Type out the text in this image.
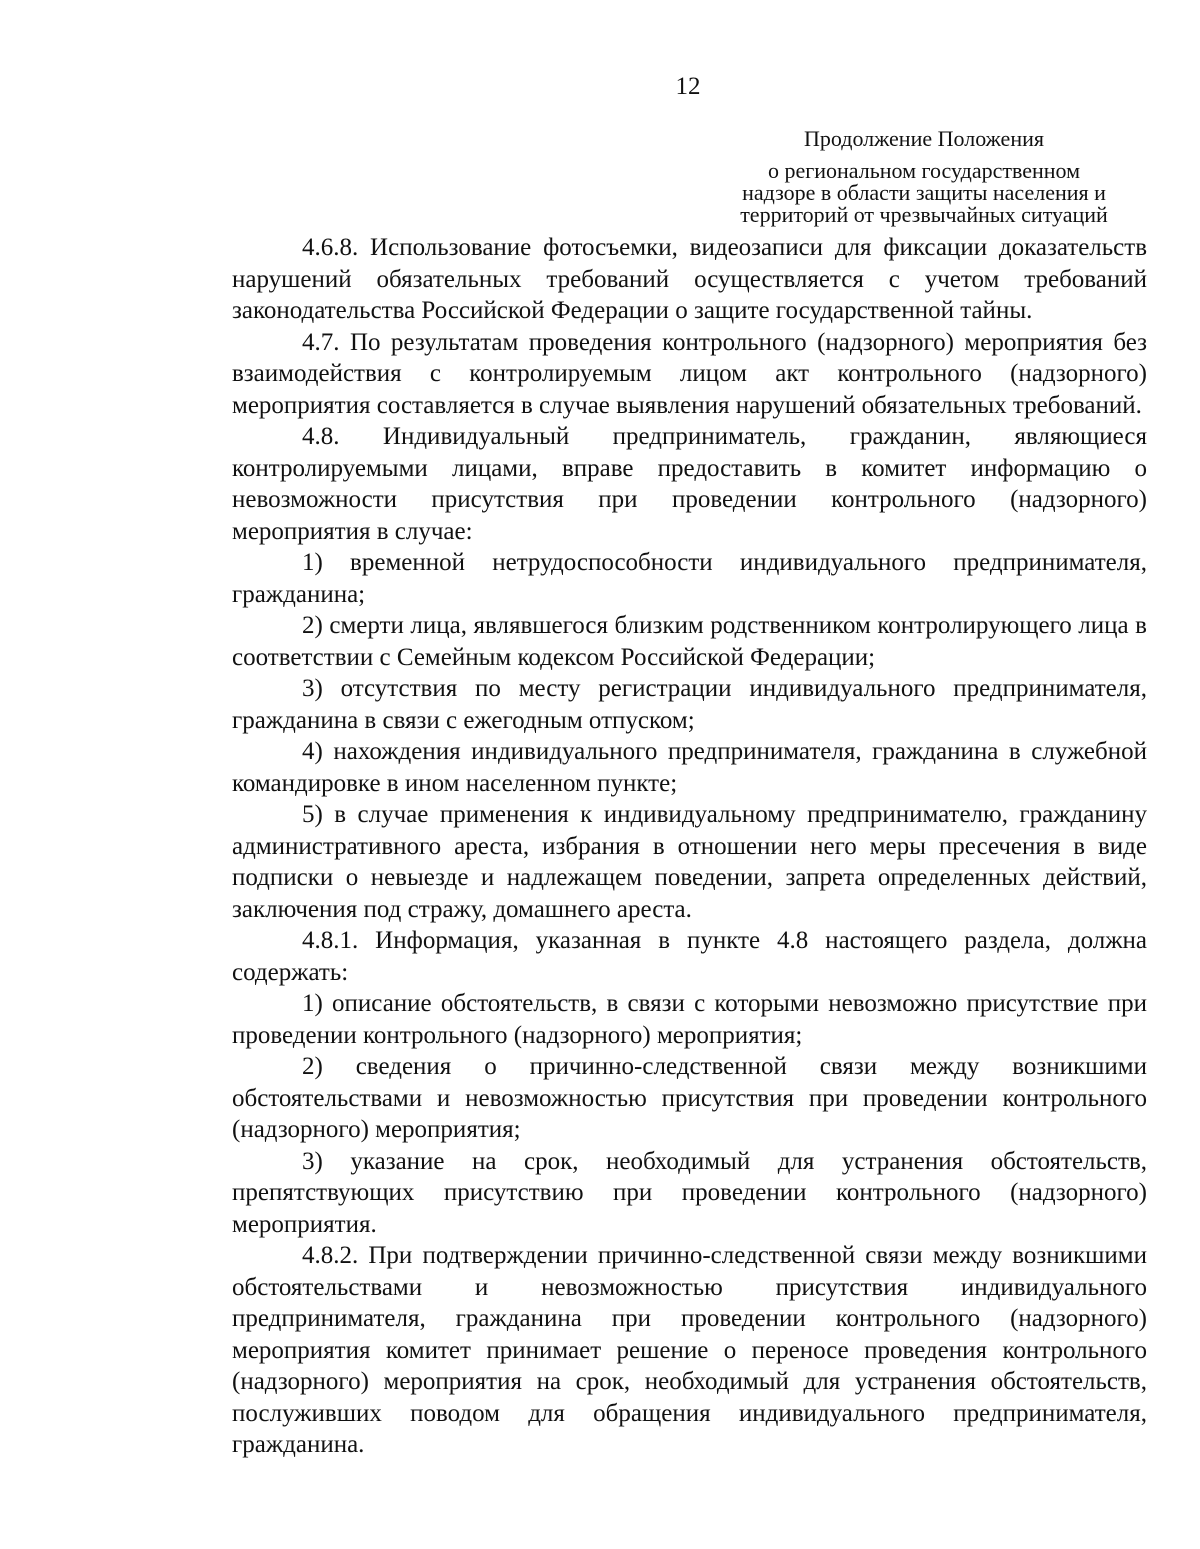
12
Продолжение Положения
о региональном государственном
надзоре в области защиты населения и
территорий от чрезвычайных ситуаций

4.6.8. Использование фотосъемки, видеозаписи для фиксации доказательств нарушений обязательных требований осуществляется с учетом требований законодательства Российской Федерации о защите государственной тайны.

4.7. По результатам проведения контрольного (надзорного) мероприятия без взаимодействия с контролируемым лицом акт контрольного (надзорного) мероприятия составляется в случае выявления нарушений обязательных требований.

4.8. Индивидуальный предприниматель, гражданин, являющиеся контролируемыми лицами, вправе предоставить в комитет информацию о невозможности присутствия при проведении контрольного (надзорного) мероприятия в случае:

1) временной нетрудоспособности индивидуального предпринимателя, гражданина;

2) смерти лица, являвшегося близким родственником контролирующего лица в соответствии с Семейным кодексом Российской Федерации;

3) отсутствия по месту регистрации индивидуального предпринимателя, гражданина в связи с ежегодным отпуском;

4) нахождения индивидуального предпринимателя, гражданина в служебной командировке в ином населенном пункте;

5) в случае применения к индивидуальному предпринимателю, гражданину административного ареста, избрания в отношении него меры пресечения в виде подписки о невыезде и надлежащем поведении, запрета определенных действий, заключения под стражу, домашнего ареста.

4.8.1. Информация, указанная в пункте 4.8 настоящего раздела, должна содержать:

1) описание обстоятельств, в связи с которыми невозможно присутствие при проведении контрольного (надзорного) мероприятия;

2) сведения о причинно-следственной связи между возникшими обстоятельствами и невозможностью присутствия при проведении контрольного (надзорного) мероприятия;

3) указание на срок, необходимый для устранения обстоятельств, препятствующих присутствию при проведении контрольного (надзорного) мероприятия.

4.8.2. При подтверждении причинно-следственной связи между возникшими обстоятельствами и невозможностью присутствия индивидуального предпринимателя, гражданина при проведении контрольного (надзорного) мероприятия комитет принимает решение о переносе проведения контрольного (надзорного) мероприятия на срок, необходимый для устранения обстоятельств, послуживших поводом для обращения индивидуального предпринимателя, гражданина.
